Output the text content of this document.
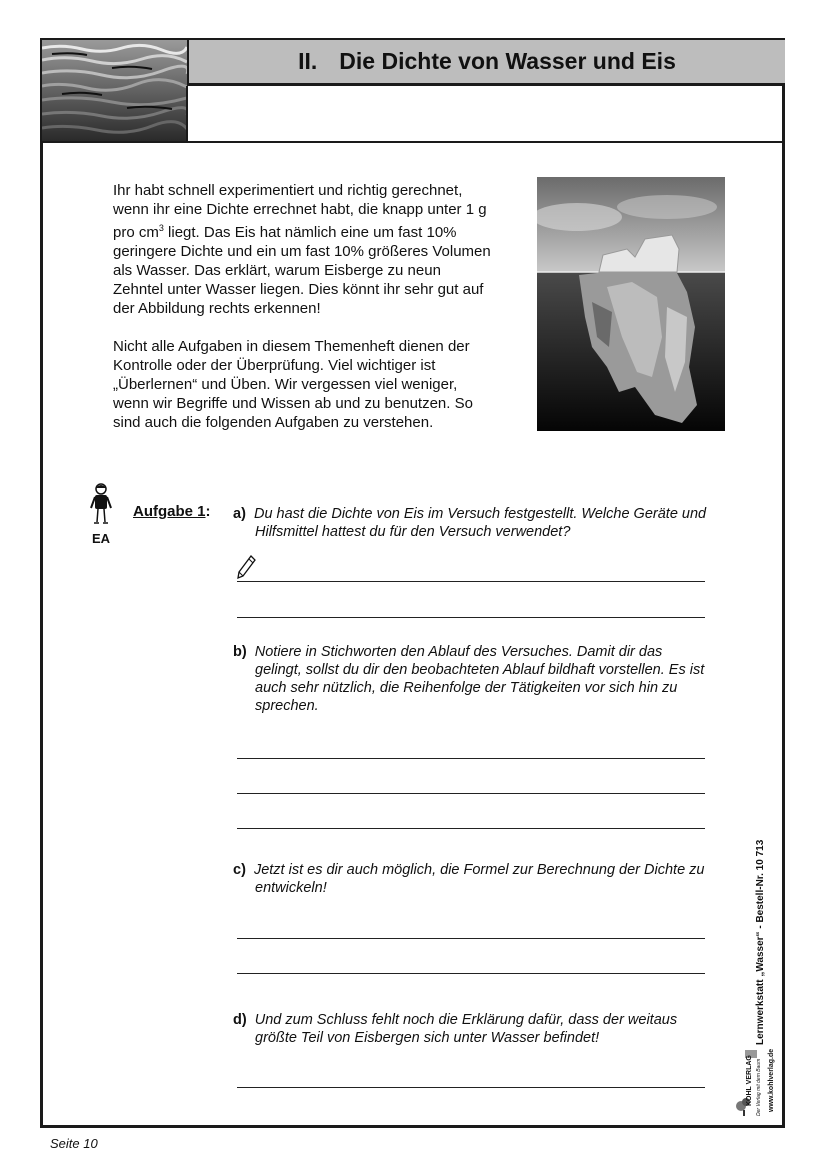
II. Die Dichte von Wasser und Eis

Ihr habt schnell experimentiert und richtig gerechnet, wenn ihr eine Dichte errechnet habt, die knapp unter 1 g pro $cm^3$ liegt. Das Eis hat nämlich eine um fast 10% geringere Dichte und ein um fast 10% größeres Volumen als Wasser. Das erklärt, warum Eisberge zu neun Zehntel unter Wasser liegen. Dies könnt ihr sehr gut auf der Abbildung rechts erkennen!

Nicht alle Aufgaben in diesem Themenheft dienen der Kontrolle oder der Überprüfung. Viel wichtiger ist „Überlernen“ und Üben. Wir vergessen viel weniger, wenn wir Begriffe und Wissen ab und zu benutzen. So sind auch die folgenden Aufgaben zu verstehen.

EA
Aufgabe 1: a) Du hast die Dichte von Eis im Versuch festgestellt. Welche Geräte und Hilfsmittel hattest du für den Versuch verwendet?
b) Notiere in Stichworten den Ablauf des Versuches. Damit dir das gelingt, sollst du dir den beobachteten Ablauf bildhaft vorstellen. Es ist auch sehr nützlich, die Reihenfolge der Tätigkeiten vor sich hin zu sprechen.
c) Jetzt ist es dir auch möglich, die Formel zur Berechnung der Dichte zu entwickeln!
d) Und zum Schluss fehlt noch die Erklärung dafür, dass der weitaus größte Teil von Eisbergen sich unter Wasser befindet!	Lernwerkstatt „Wasser“ - Bestell-Nr. 10 713
KOHL VERLAG Der Verlag mit dem Baum www.kohlverlag.de
Seite 10
